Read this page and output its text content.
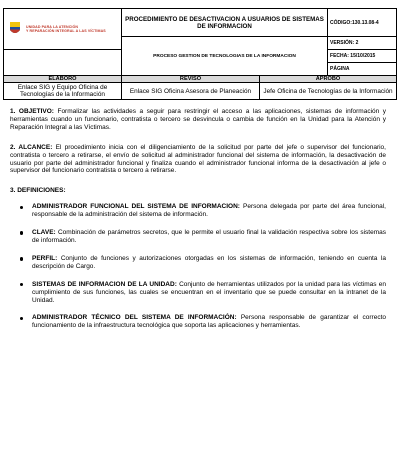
UNIDAD PARA LA ATENCIÓN
Y REPARACIÓN INTEGRAL A LAS VÍCTIMAS	PROCEDIMIENTO DE DESACTIVACION A USUARIOS DE SISTEMAS DE INFORMACION		CÓDIGO:130.13.08-4
	PROCESO GESTION DE TECNOLOGIAS DE LA INFORMACION		VERSIÓN: 2
			FECHA: 15/10/2015
			PÁGINA
ELABORO	REVISO	APROBO	
Enlace SIG y Equipo Oficina de Tecnologías de la Información	Enlace SIG Oficina Asesora de Planeación	Jefe Oficina de Tecnologías de la Información	

1. OBJETIVO: Formalizar las actividades a seguir para restringir el acceso a las aplicaciones, sistemas de información y herramientas cuando un funcionario, contratista o tercero se desvincula o cambia de función en la Unidad para la Atención y Reparación Integral a las Víctimas.

2. ALCANCE: El procedimiento inicia con el diligenciamiento de la solicitud por parte del jefe o supervisor del funcionario, contratista o tercero a retirarse, el envío de solicitud al administrador funcional del sistema de información, la desactivación de usuario por parte del administrador funcional y finaliza cuando el administrador funcional informa de la desactivación al jefe o supervisor del funcionario contratista o tercero a retirarse.

3. DEFINICIONES:

ADMINISTRADOR FUNCIONAL DEL SISTEMA DE INFORMACION: Persona delegada por parte del área funcional, responsable de la administración del sistema de información.

CLAVE: Combinación de parámetros secretos, que le permite el usuario final la validación respectiva sobre los sistemas de información.

PERFIL: Conjunto de funciones y autorizaciones otorgadas en los sistemas de información, teniendo en cuenta la descripción de Cargo.

SISTEMAS DE INFORMACION DE LA UNIDAD: Conjunto de herramientas utilizados por la unidad para las víctimas en cumplimiento de sus funciones, las cuales se encuentran en el inventario que se puede consultar en la intranet de la Unidad.

ADMINISTRADOR TÉCNICO DEL SISTEMA DE INFORMACIÓN: Persona responsable de garantizar el correcto funcionamiento de la infraestructura tecnológica que soporta las aplicaciones y herramientas.
